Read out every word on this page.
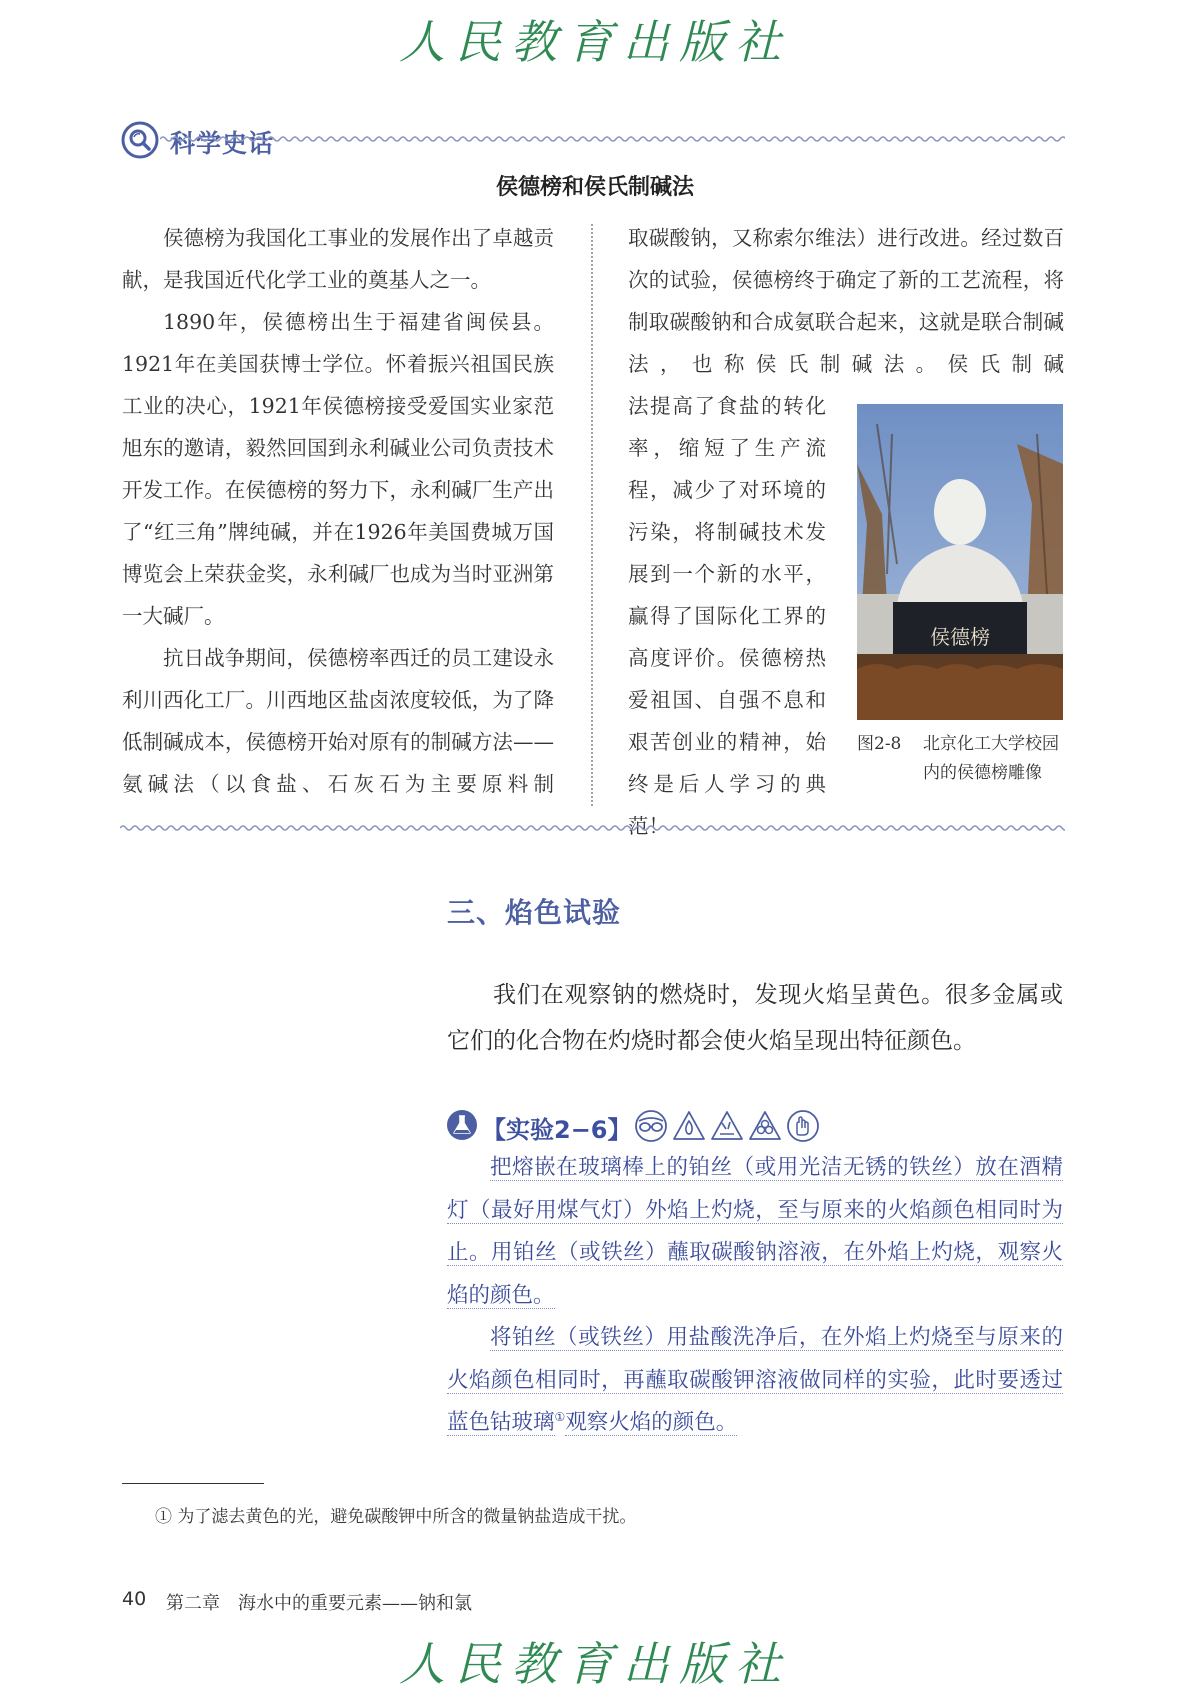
人民教育出版社
科学史话
侯德榜和侯氏制碱法

侯德榜为我国化工事业的发展作出了卓越贡献，是我国近代化学工业的奠基人之一。

1890年，侯德榜出生于福建省闽侯县。1921年在美国获博士学位。怀着振兴祖国民族工业的决心，1921年侯德榜接受爱国实业家范旭东的邀请，毅然回国到永利碱业公司负责技术开发工作。在侯德榜的努力下，永利碱厂生产出了“红三角”牌纯碱，并在1926年美国费城万国博览会上荣获金奖，永利碱厂也成为当时亚洲第一大碱厂。

抗日战争期间，侯德榜率西迁的员工建设永利川西化工厂。川西地区盐卤浓度较低，为了降低制碱成本，侯德榜开始对原有的制碱方法——氨碱法（以食盐、石灰石为主要原料制

取碳酸钠，又称索尔维法）进行改进。经过数百次的试验，侯德榜终于确定了新的工艺流程，将制取碳酸钠和合成氨联合起来，这就是联合制碱法，也称侯氏制碱法。侯氏制碱

法提高了食盐的转化率，缩短了生产流程，减少了对环境的污染，将制碱技术发展到一个新的水平，赢得了国际化工界的高度评价。侯德榜热爱祖国、自强不息和艰苦创业的精神，始终是后人学习的典范！

侯德榜
图2-8 北京化工大学校园
内的侯德榜雕像
三、焰色试验

我们在观察钠的燃烧时，发现火焰呈黄色。很多金属或它们的化合物在灼烧时都会使火焰呈现出特征颜色。

【实验2−6】

把熔嵌在玻璃棒上的铂丝（或用光洁无锈的铁丝）放在酒精灯（最好用煤气灯）外焰上灼烧，至与原来的火焰颜色相同时为止。用铂丝（或铁丝）蘸取碳酸钠溶液，在外焰上灼烧，观察火焰的颜色。

将铂丝（或铁丝）用盐酸洗净后，在外焰上灼烧至与原来的火焰颜色相同时，再蘸取碳酸钾溶液做同样的实验，此时要透过蓝色钴玻璃①观察火焰的颜色。

① 为了滤去黄色的光，避免碳酸钾中所含的微量钠盐造成干扰。
40 第二章　海水中的重要元素——钠和氯
人民教育出版社
